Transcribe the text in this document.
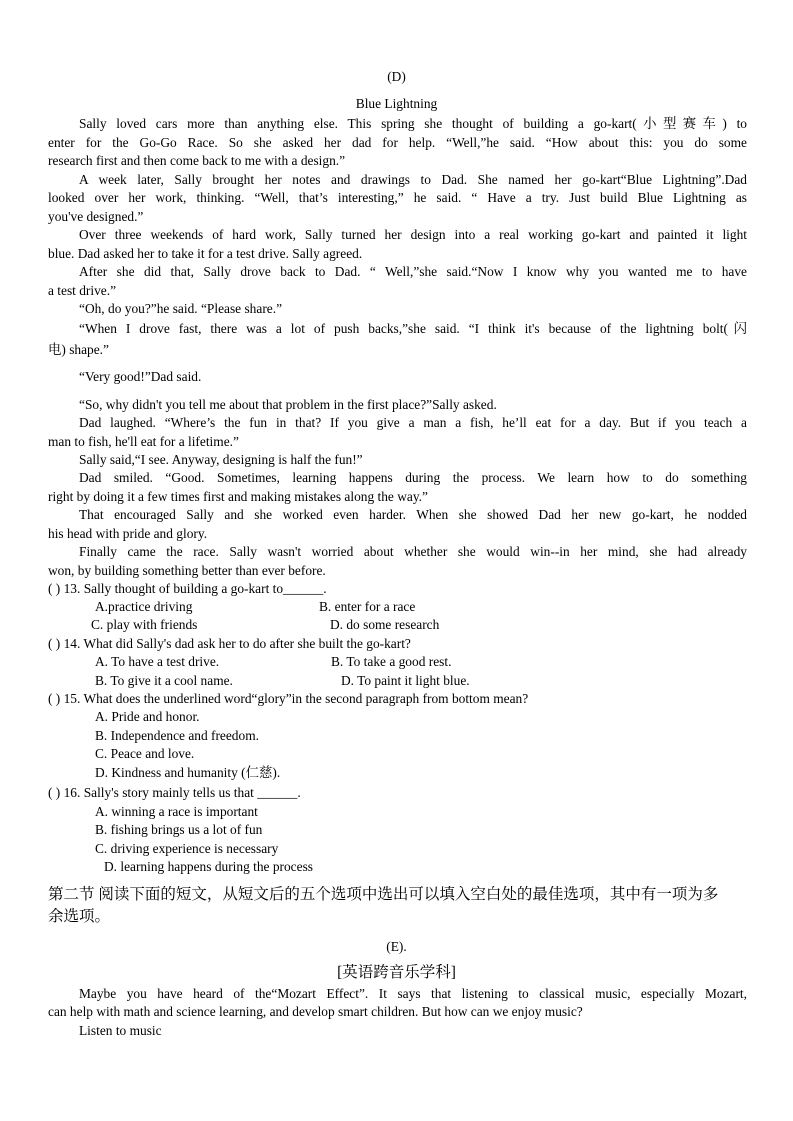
(D)
Blue Lightning
Sally loved cars more than anything else. This spring she thought of building a go-kart(小型赛车) to
enter for the Go-Go Race. So she asked her dad for help. “Well,”he said. “How about this: you do some
research first and then come back to me with a design.”
A week later, Sally brought her notes and drawings to Dad. She named her go-kart“Blue Lightning”.Dad
looked over her work, thinking. “Well, that’s interesting,” he said. “ Have a try. Just build Blue Lightning as
you've designed.”
Over three weekends of hard work, Sally turned her design into a real working go-kart and painted it light
blue. Dad asked her to take it for a test drive. Sally agreed.
After she did that, Sally drove back to Dad. “ Well,”she said.“Now I know why you wanted me to have
a test drive.”
“Oh, do you?”he said. “Please share.”
“When I drove fast, there was a lot of push backs,”she said. “I think it's because of the lightning bolt(闪
电) shape.”
“Very good!”Dad said.
“So, why didn't you tell me about that problem in the first place?”Sally asked.
Dad laughed. “Where’s the fun in that? If you give a man a fish, he’ll eat for a day. But if you teach a
man to fish, he'll eat for a lifetime.”
Sally said,“I see. Anyway, designing is half the fun!”
Dad smiled. “Good. Sometimes, learning happens during the process. We learn how to do something
right by doing it a few times first and making mistakes along the way.”
That encouraged Sally and she worked even harder. When she showed Dad her new go-kart, he nodded
his head with pride and glory.
Finally came the race. Sally wasn't worried about whether she would win--in her mind, she had already
won, by building something better than ever before.
( ) 13. Sally thought of building a go-kart to______.
A.practice driving	B. enter for a race
C. play with friends	D. do some research
( ) 14. What did Sally's dad ask her to do after she built the go-kart?
A. To have a test drive.	B. To take a good rest.
B. To give it a cool name.	D. To paint it light blue.
( ) 15. What does the underlined word“glory”in the second paragraph from bottom mean?
A. Pride and honor.
B. Independence and freedom.
C. Peace and love.
D. Kindness and humanity (仁慈).
( ) 16. Sally's story mainly tells us that ______.
A. winning a race is important
B. fishing brings us a lot of fun
C. driving experience is necessary
D. learning happens during the process
第二节 阅读下面的短文，从短文后的五个选项中选出可以填入空白处的最佳选项，其中有一项为多
余选项。
(E).
[英语跨音乐学科]
Maybe you have heard of the“Mozart Effect”. It says that listening to classical music, especially Mozart,
can help with math and science learning, and develop smart children. But how can we enjoy music?
Listen to music
